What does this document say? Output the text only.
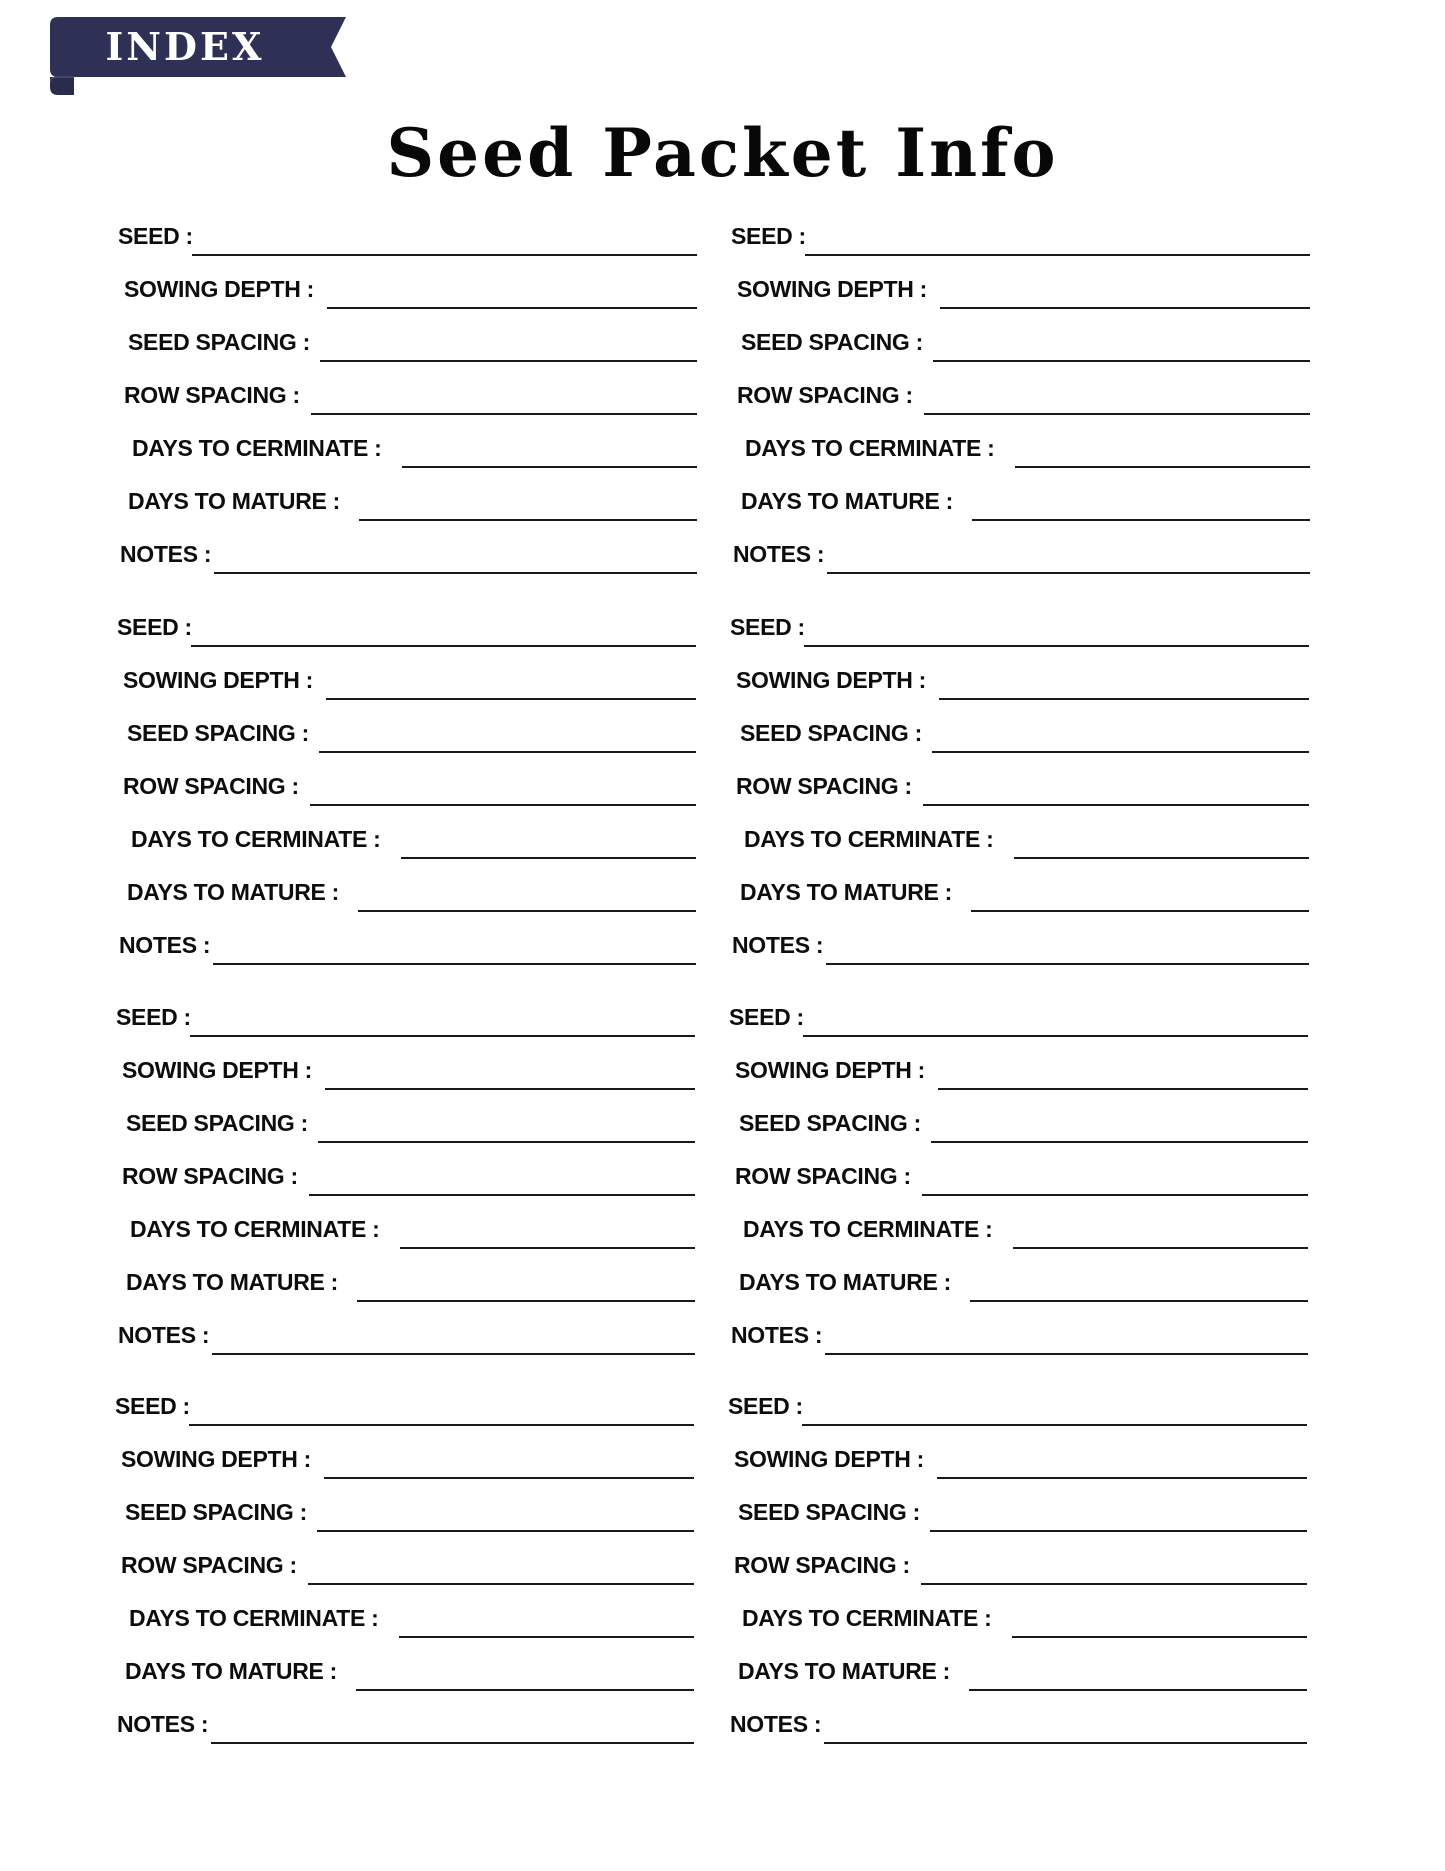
INDEX
Seed Packet Info
SEED :
SOWING DEPTH :
SEED SPACING :
ROW SPACING :
DAYS TO CERMINATE :
DAYS TO MATURE :
NOTES :
SEED :
SOWING DEPTH :
SEED SPACING :
ROW SPACING :
DAYS TO CERMINATE :
DAYS TO MATURE :
NOTES :
SEED :
SOWING DEPTH :
SEED SPACING :
ROW SPACING :
DAYS TO CERMINATE :
DAYS TO MATURE :
NOTES :
SEED :
SOWING DEPTH :
SEED SPACING :
ROW SPACING :
DAYS TO CERMINATE :
DAYS TO MATURE :
NOTES :
SEED :
SOWING DEPTH :
SEED SPACING :
ROW SPACING :
DAYS TO CERMINATE :
DAYS TO MATURE :
NOTES :
SEED :
SOWING DEPTH :
SEED SPACING :
ROW SPACING :
DAYS TO CERMINATE :
DAYS TO MATURE :
NOTES :
SEED :
SOWING DEPTH :
SEED SPACING :
ROW SPACING :
DAYS TO CERMINATE :
DAYS TO MATURE :
NOTES :
SEED :
SOWING DEPTH :
SEED SPACING :
ROW SPACING :
DAYS TO CERMINATE :
DAYS TO MATURE :
NOTES :
